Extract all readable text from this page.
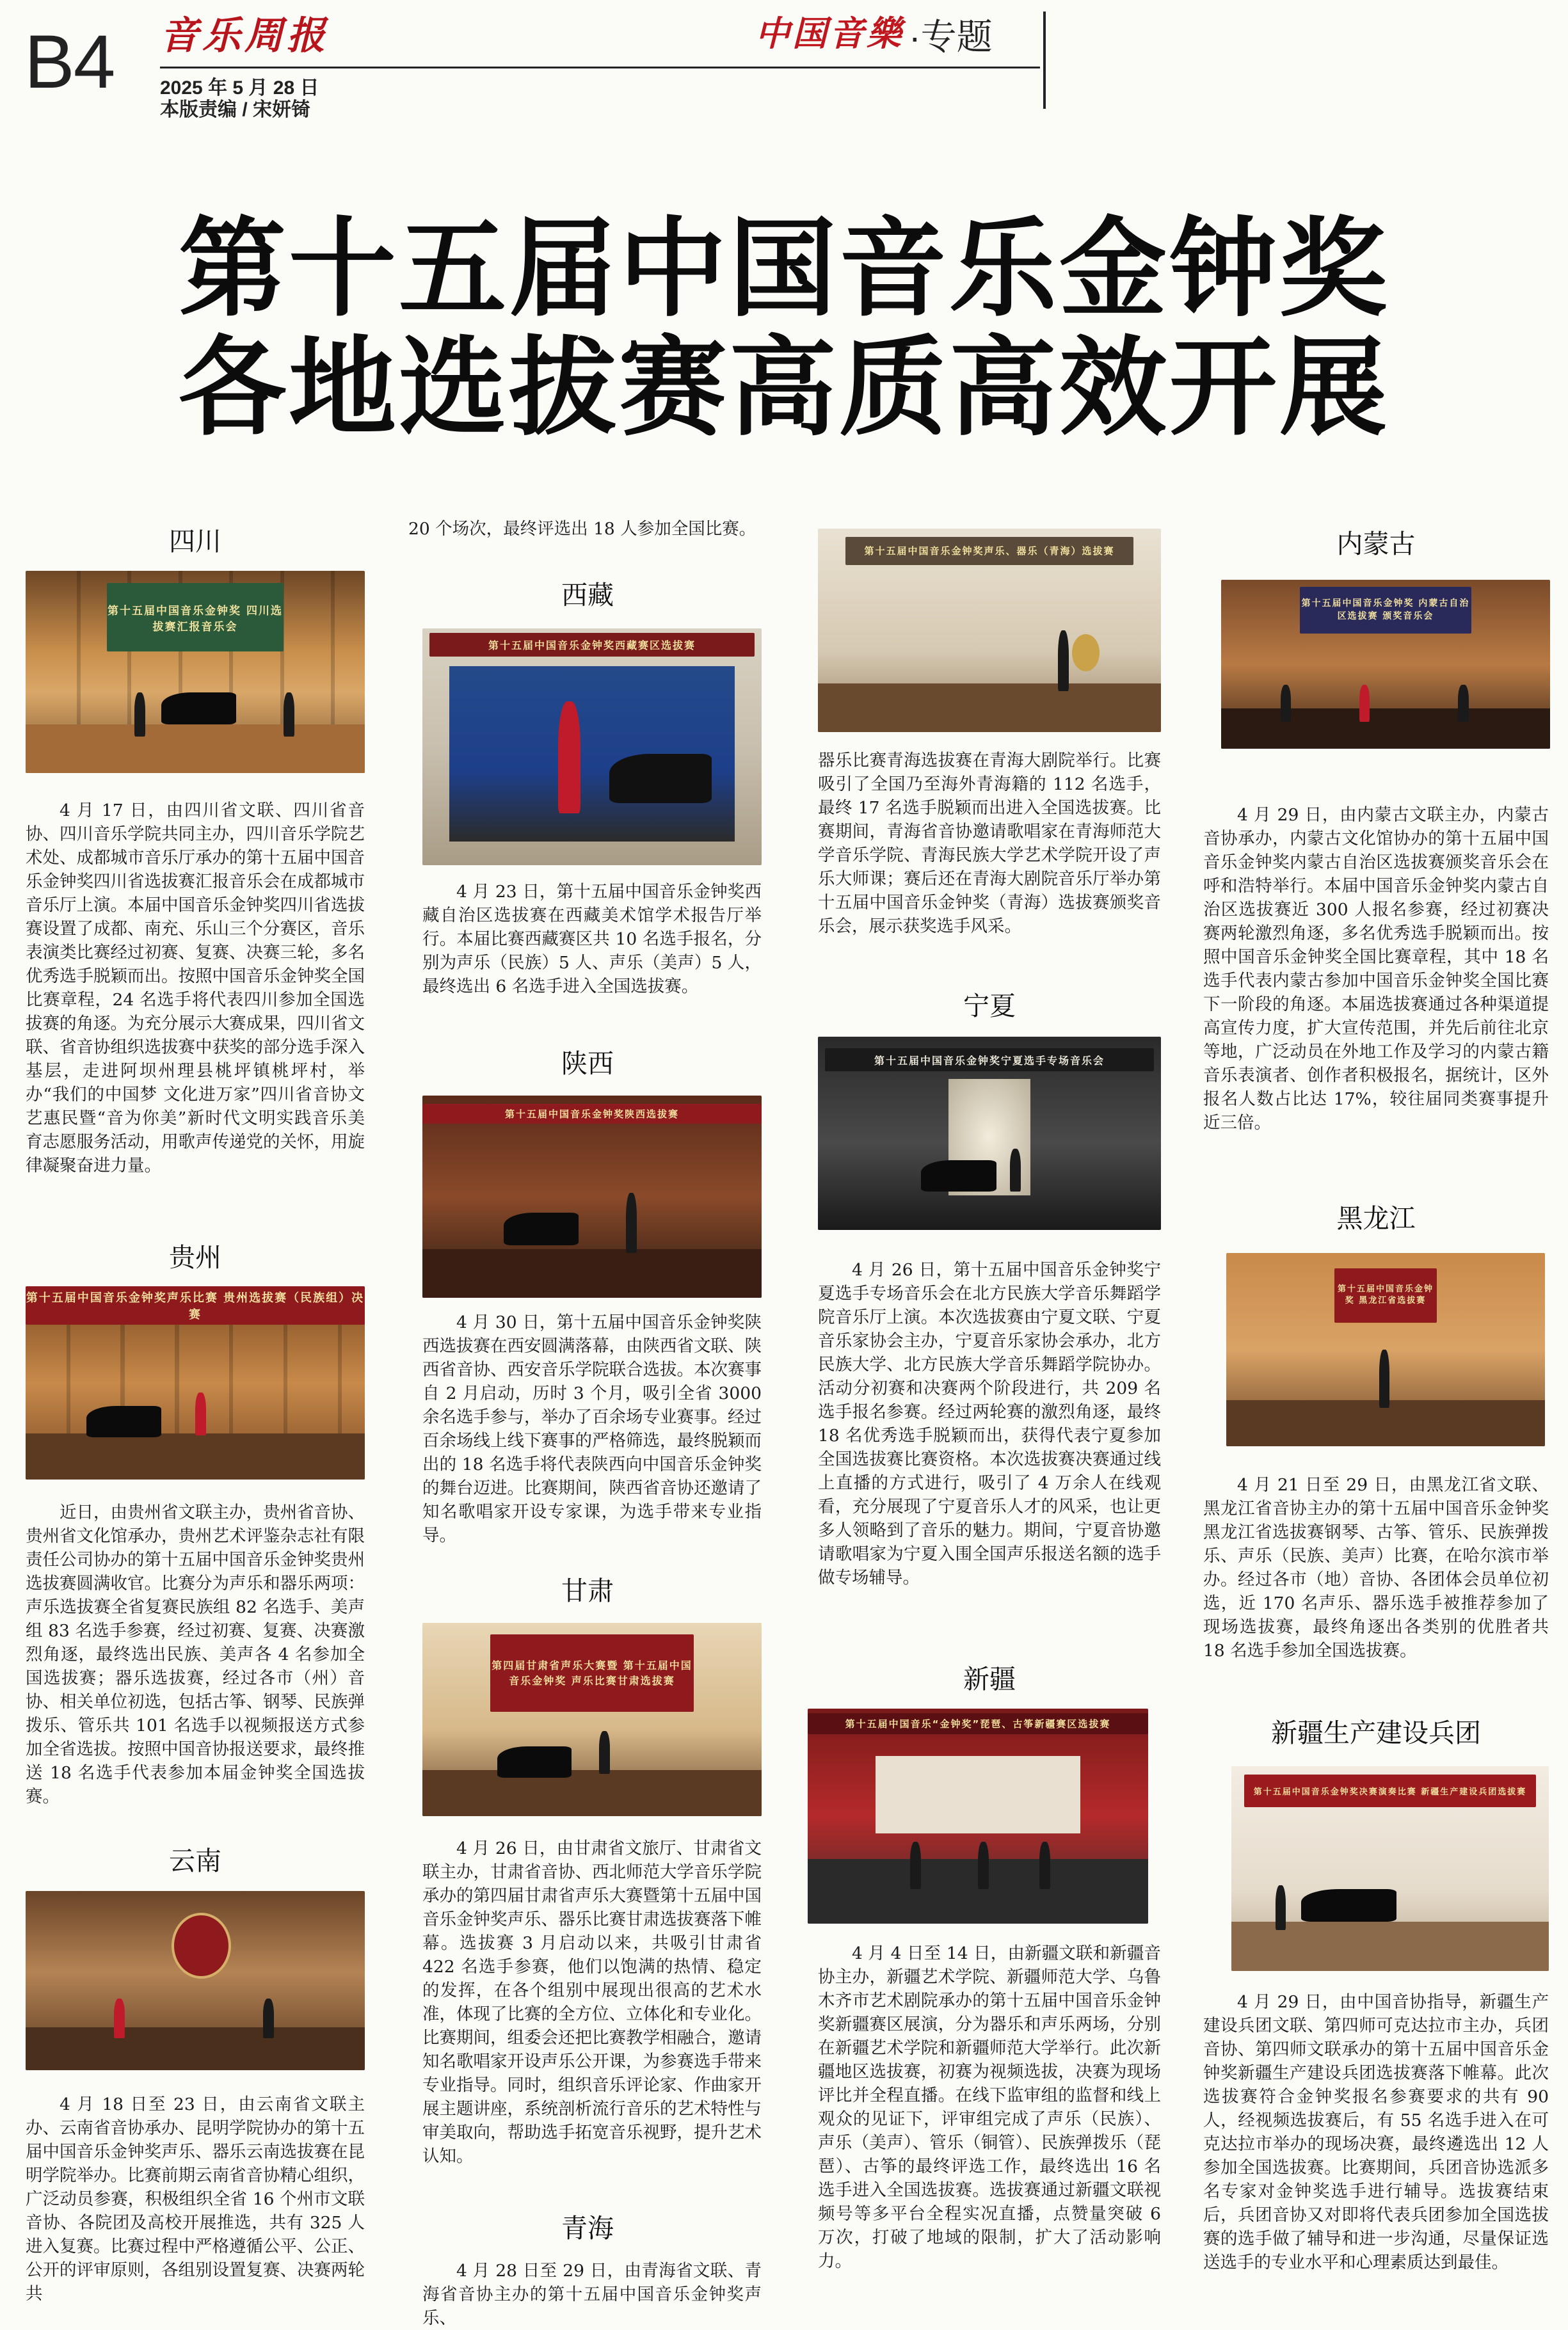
B4 音乐周报
2025 年 5 月 28 日
本版责编 / 宋妍锜
中国音樂 ·专题
第十五届中国音乐金钟奖
各地选拔赛高质高效开展
四川
第十五届中国音乐金钟奖 四川选拔赛汇报音乐会

4 月 17 日，由四川省文联、四川省音协、四川音乐学院共同主办，四川音乐学院艺术处、成都城市音乐厅承办的第十五届中国音乐金钟奖四川省选拔赛汇报音乐会在成都城市音乐厅上演。本届中国音乐金钟奖四川省选拔赛设置了成都、南充、乐山三个分赛区，音乐表演类比赛经过初赛、复赛、决赛三轮，多名优秀选手脱颖而出。按照中国音乐金钟奖全国比赛章程，24 名选手将代表四川参加全国选拔赛的角逐。为充分展示大赛成果，四川省文联、省音协组织选拔赛中获奖的部分选手深入基层，走进阿坝州理县桃坪镇桃坪村，举办“我们的中国梦 文化进万家”四川省音协文艺惠民暨“音为你美”新时代文明实践音乐美育志愿服务活动，用歌声传递党的关怀，用旋律凝聚奋进力量。

贵州
第十五届中国音乐金钟奖声乐比赛 贵州选拔赛（民族组）决赛

近日，由贵州省文联主办，贵州省音协、贵州省文化馆承办，贵州艺术评鉴杂志社有限责任公司协办的第十五届中国音乐金钟奖贵州选拔赛圆满收官。比赛分为声乐和器乐两项：声乐选拔赛全省复赛民族组 82 名选手、美声组 83 名选手参赛，经过初赛、复赛、决赛激烈角逐，最终选出民族、美声各 4 名参加全国选拔赛；器乐选拔赛，经过各市（州）音协、相关单位初选，包括古筝、钢琴、民族弹拨乐、管乐共 101 名选手以视频报送方式参加全省选拔。按照中国音协报送要求，最终推送 18 名选手代表参加本届金钟奖全国选拔赛。

云南

4 月 18 日至 23 日，由云南省文联主办、云南省音协承办、昆明学院协办的第十五届中国音乐金钟奖声乐、器乐云南选拔赛在昆明学院举办。比赛前期云南省音协精心组织，广泛动员参赛，积极组织全省 16 个州市文联音协、各院团及高校开展推选，共有 325 人进入复赛。比赛过程中严格遵循公平、公正、公开的评审原则，各组别设置复赛、决赛两轮共

20 个场次，最终评选出 18 人参加全国比赛。

西藏
第十五届中国音乐金钟奖西藏赛区选拔赛

4 月 23 日，第十五届中国音乐金钟奖西藏自治区选拔赛在西藏美术馆学术报告厅举行。本届比赛西藏赛区共 10 名选手报名，分别为声乐（民族）5 人、声乐（美声）5 人，最终选出 6 名选手进入全国选拔赛。

陕西
第十五届中国音乐金钟奖陕西选拔赛

4 月 30 日，第十五届中国音乐金钟奖陕西选拔赛在西安圆满落幕，由陕西省文联、陕西省音协、西安音乐学院联合选拔。本次赛事自 2 月启动，历时 3 个月，吸引全省 3000 余名选手参与，举办了百余场专业赛事。经过百余场线上线下赛事的严格筛选，最终脱颖而出的 18 名选手将代表陕西向中国音乐金钟奖的舞台迈进。比赛期间，陕西省音协还邀请了知名歌唱家开设专家课，为选手带来专业指导。

甘肃
第四届甘肃省声乐大赛暨 第十五届中国音乐金钟奖 声乐比赛甘肃选拔赛

4 月 26 日，由甘肃省文旅厅、甘肃省文联主办，甘肃省音协、西北师范大学音乐学院承办的第四届甘肃省声乐大赛暨第十五届中国音乐金钟奖声乐、器乐比赛甘肃选拔赛落下帷幕。选拔赛 3 月启动以来，共吸引甘肃省 422 名选手参赛，他们以饱满的热情、稳定的发挥，在各个组别中展现出很高的艺术水准，体现了比赛的全方位、立体化和专业化。比赛期间，组委会还把比赛教学相融合，邀请知名歌唱家开设声乐公开课，为参赛选手带来专业指导。同时，组织音乐评论家、作曲家开展主题讲座，系统剖析流行音乐的艺术特性与审美取向，帮助选手拓宽音乐视野，提升艺术认知。

青海

4 月 28 日至 29 日，由青海省文联、青海省音协主办的第十五届中国音乐金钟奖声乐、

第十五届中国音乐金钟奖声乐、器乐（青海）选拔赛

器乐比赛青海选拔赛在青海大剧院举行。比赛吸引了全国乃至海外青海籍的 112 名选手，最终 17 名选手脱颖而出进入全国选拔赛。比赛期间，青海省音协邀请歌唱家在青海师范大学音乐学院、青海民族大学艺术学院开设了声乐大师课；赛后还在青海大剧院音乐厅举办第十五届中国音乐金钟奖（青海）选拔赛颁奖音乐会，展示获奖选手风采。

宁夏
第十五届中国音乐金钟奖宁夏选手专场音乐会

4 月 26 日，第十五届中国音乐金钟奖宁夏选手专场音乐会在北方民族大学音乐舞蹈学院音乐厅上演。本次选拔赛由宁夏文联、宁夏音乐家协会主办，宁夏音乐家协会承办，北方民族大学、北方民族大学音乐舞蹈学院协办。活动分初赛和决赛两个阶段进行，共 209 名选手报名参赛。经过两轮赛的激烈角逐，最终 18 名优秀选手脱颖而出，获得代表宁夏参加全国选拔赛比赛资格。本次选拔赛决赛通过线上直播的方式进行，吸引了 4 万余人在线观看，充分展现了宁夏音乐人才的风采，也让更多人领略到了音乐的魅力。期间，宁夏音协邀请歌唱家为宁夏入围全国声乐报送名额的选手做专场辅导。

新疆
第十五届中国音乐“金钟奖”琵琶、古筝新疆赛区选拔赛

4 月 4 日至 14 日，由新疆文联和新疆音协主办，新疆艺术学院、新疆师范大学、乌鲁木齐市艺术剧院承办的第十五届中国音乐金钟奖新疆赛区展演，分为器乐和声乐两场，分别在新疆艺术学院和新疆师范大学举行。此次新疆地区选拔赛，初赛为视频选拔，决赛为现场评比并全程直播。在线下监审组的监督和线上观众的见证下，评审组完成了声乐（民族）、声乐（美声）、管乐（铜管）、民族弹拨乐（琵琶）、古筝的最终评选工作，最终选出 16 名选手进入全国选拔赛。选拔赛通过新疆文联视频号等多平台全程实况直播，点赞量突破 6 万次，打破了地域的限制，扩大了活动影响力。

内蒙古
第十五届中国音乐金钟奖 内蒙古自治区选拔赛 颁奖音乐会

4 月 29 日，由内蒙古文联主办，内蒙古音协承办，内蒙古文化馆协办的第十五届中国音乐金钟奖内蒙古自治区选拔赛颁奖音乐会在呼和浩特举行。本届中国音乐金钟奖内蒙古自治区选拔赛近 300 人报名参赛，经过初赛决赛两轮激烈角逐，多名优秀选手脱颖而出。按照中国音乐金钟奖全国比赛章程，其中 18 名选手代表内蒙古参加中国音乐金钟奖全国比赛下一阶段的角逐。本届选拔赛通过各种渠道提高宣传力度，扩大宣传范围，并先后前往北京等地，广泛动员在外地工作及学习的内蒙古籍音乐表演者、创作者积极报名，据统计，区外报名人数占比达 17%，较往届同类赛事提升近三倍。

黑龙江
第十五届中国音乐金钟奖 黑龙江省选拔赛

4 月 21 日至 29 日，由黑龙江省文联、黑龙江省音协主办的第十五届中国音乐金钟奖黑龙江省选拔赛钢琴、古筝、管乐、民族弹拨乐、声乐（民族、美声）比赛，在哈尔滨市举办。经过各市（地）音协、各团体会员单位初选，近 170 名声乐、器乐选手被推荐参加了现场选拔赛，最终角逐出各类别的优胜者共 18 名选手参加全国选拔赛。

新疆生产建设兵团
第十五届中国音乐金钟奖决赛演奏比赛 新疆生产建设兵团选拔赛

4 月 29 日，由中国音协指导，新疆生产建设兵团文联、第四师可克达拉市主办，兵团音协、第四师文联承办的第十五届中国音乐金钟奖新疆生产建设兵团选拔赛落下帷幕。此次选拔赛符合金钟奖报名参赛要求的共有 90 人，经视频选拔赛后，有 55 名选手进入在可克达拉市举办的现场决赛，最终遴选出 12 人参加全国选拔赛。比赛期间，兵团音协选派多名专家对金钟奖选手进行辅导。选拔赛结束后，兵团音协又对即将代表兵团参加全国选拔赛的选手做了辅导和进一步沟通，尽量保证选送选手的专业水平和心理素质达到最佳。
